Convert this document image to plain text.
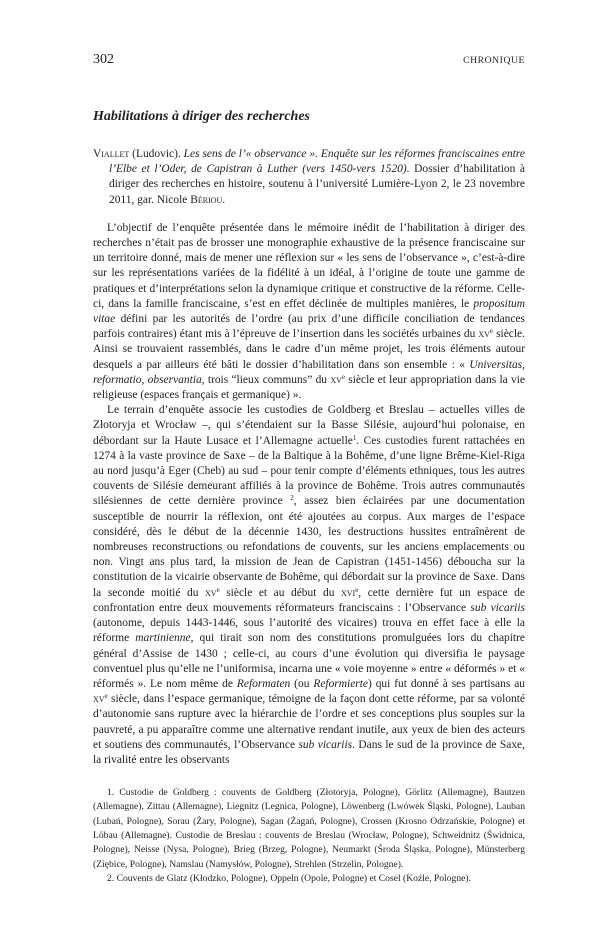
302	CHRONIQUE
Habilitations à diriger des recherches
Viallet (Ludovic). Les sens de l’« observance ». Enquête sur les réformes franciscaines entre l’Elbe et l’Oder, de Capistran à Luther (vers 1450-vers 1520). Dossier d’habilitation à diriger des recherches en histoire, soutenu à l’université Lumière-Lyon 2, le 23 novembre 2011, gar. Nicole Bériou.

L’objectif de l’enquête présentée dans le mémoire inédit de l’habilitation à diriger des recherches n’était pas de brosser une monographie exhaustive de la présence franciscaine sur un territoire donné, mais de mener une réflexion sur « les sens de l’observance », c’est-à-dire sur les représentations variées de la fidélité à un idéal, à l’origine de toute une gamme de pratiques et d’interprétations selon la dynamique critique et constructive de la réforme. Celle-ci, dans la famille franciscaine, s’est en effet déclinée de multiples manières, le propositum vitae défini par les autorités de l’ordre (au prix d’une difficile conciliation de tendances parfois contraires) étant mis à l’épreuve de l’insertion dans les sociétés urbaines du $xv^e$ siècle. Ainsi se trouvaient rassemblés, dans le cadre d’un même projet, les trois éléments autour desquels a par ailleurs été bâti le dossier d’habilitation dans son ensemble : « Universitas, reformatio, observantia, trois “lieux communs” du $xv^e$ siècle et leur appropriation dans la vie religieuse (espaces français et germanique) ».

Le terrain d’enquête associe les custodies de Goldberg et Breslau – actuelles villes de Złotoryja et Wrocław –, qui s’étendaient sur la Basse Silésie, aujourd’hui polonaise, en débordant sur la Haute Lusace et l’Allemagne actuelle$^1$. Ces custodies furent rattachées en 1274 à la vaste province de Saxe – de la Baltique à la Bohême, d’une ligne Brême-Kiel-Riga au nord jusqu’à Eger (Cheb) au sud – pour tenir compte d’éléments ethniques, tous les autres couvents de Silésie demeurant affiliés à la province de Bohême. Trois autres communautés silésiennes de cette dernière province $^2$, assez bien éclairées par une documentation susceptible de nourrir la réflexion, ont été ajoutées au corpus. Aux marges de l’espace considéré, dès le début de la décennie 1430, les destructions hussites entraînèrent de nombreuses reconstructions ou refondations de couvents, sur les anciens emplacements ou non. Vingt ans plus tard, la mission de Jean de Capistran (1451-1456) déboucha sur la constitution de la vicairie observante de Bohême, qui débordait sur la province de Saxe. Dans la seconde moitié du $xv^e$ siècle et au début du xvi$^e$, cette dernière fut un espace de confrontation entre deux mouvements réformateurs franciscains : l’Observance sub vicariis (autonome, depuis 1443-1446, sous l’autorité des vicaires) trouva en effet face à elle la réforme martinienne, qui tirait son nom des constitutions promulguées lors du chapitre général d’Assise de 1430 ; celle-ci, au cours d’une évolution qui diversifia le paysage conventuel plus qu’elle ne l’uniformisa, incarna une « voie moyenne » entre « déformés » et « réformés ». Le nom même de Reformaten (ou Reformierte) qui fut donné à ses partisans au $xv^e$ siècle, dans l’espace germanique, témoigne de la façon dont cette réforme, par sa volonté d’autonomie sans rupture avec la hiérarchie de l’ordre et ses conceptions plus souples sur la pauvreté, a pu apparaître comme une alternative rendant inutile, aux yeux de bien des acteurs et soutiens des communautés, l’Observance sub vicariis. Dans le sud de la province de Saxe, la rivalité entre les observants

1. Custodie de Goldberg : couvents de Goldberg (Złotoryja, Pologne), Görlitz (Allemagne), Bautzen (Allemagne), Zittau (Allemagne), Liegnitz (Legnica, Pologne), Löwenberg (Lwówek Śląski, Pologne), Lauban (Lubań, Pologne), Sorau (Żary, Pologne), Sagan (Żagań, Pologne), Crossen (Krosno Odrzańskie, Pologne) et Löbau (Allemagne). Custodie de Breslau : couvents de Breslau (Wrocław, Pologne), Schweidnitz (Świdnica, Pologne), Neisse (Nysa, Pologne), Brieg (Brzeg, Pologne), Neumarkt (Środa Śląska, Pologne), Münsterberg (Ziębice, Pologne), Namslau (Namysłów, Pologne), Strehlen (Strzelin, Pologne).

2. Couvents de Glatz (Kłodzko, Pologne), Oppeln (Opole, Pologne) et Cosel (Koźle, Pologne).
